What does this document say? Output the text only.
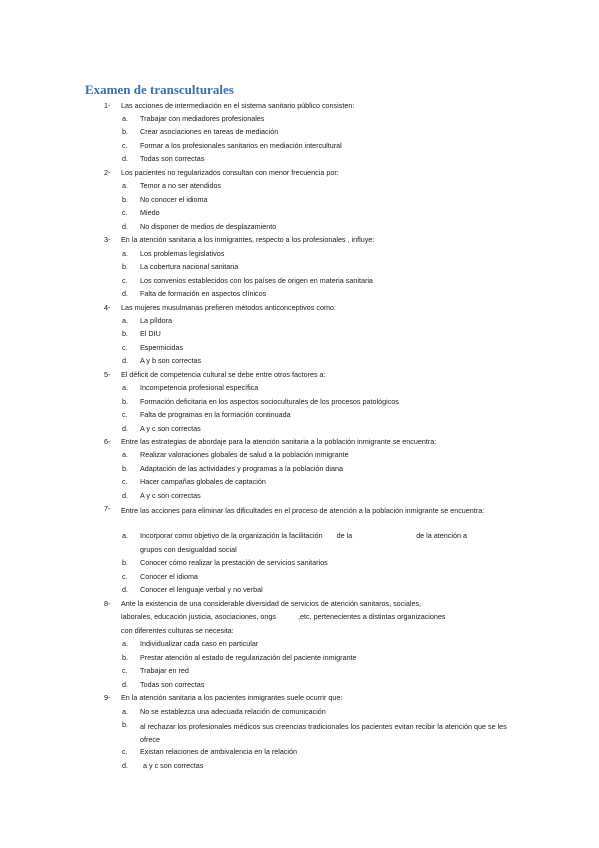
Examen de transculturales
1- Las acciones de intermediación en el sistema sanitario público consisten:
a. Trabajar con mediadores profesionales
b. Crear asociaciones en tareas de mediación
c. Formar a los profesionales sanitarios en mediación intercultural
d. Todas son correctas
2- Los pacientes no regularizados consultan con menor frecuencia por:
a. Temor a no ser atendidos
b. No conocer el idioma
c. Miedo
d. No disponer de medios de desplazamiento
3- En la atención sanitaria a los inmigrantes, respecto a los profesionales , influye:
a. Los problemas legislativos
b. La cobertura nacional sanitaria
c. Los convenios establecidos con los países de origen en materia sanitaria
d. Falta de formación en aspectos clínicos
4- Las mujeres musulmanas prefieren métodos anticonceptivos como:
a. La píldora
b. El DIU
c. Espermicidas
d. A y b son correctas
5- El déficit de competencia cultural se debe entre otros factores a:
a. Incompetencia profesional específica
b. Formación deficitaria en los aspectos socioculturales de los procesos patológicos
c. Falta de programas en la formación continuada
d. A y c son correctas
6- Entre las estrategias de abordaje para la atención sanitaria a la población inmigrante se encuentra:
a. Realizar valoraciones globales de salud a la población inmigrante
b. Adaptación de las actividades y programas a la población diana
c. Hacer campañas globales de captación
d. A y c son correctas
7- Entre las acciones para eliminar las dificultades en el proceso de atención a la población inmigrante se encuentra:
a. Incorporar como objetivo de la organización la facilitación de la	de la atención a
grupos con desigualdad social
b. Conocer cómo realizar la prestación de servicios sanitarios
c. Conocer el idioma
d. Conocer el lenguaje verbal y no verbal
8- Ante la existencia de una considerable diversidad de servicios de atención sanitaros, sociales,
laborales, educación justicia, asociaciones, ongs	,etc, pertenecientes a distintas organizaciones
con diferentes culturas se necesita:
a. Individualizar cada caso en particular
b. Prestar atención al estado de regularización del paciente inmigrante
c. Trabajar en red
d. Todas son correctas
9- En la atención sanitaria a los pacientes inmigrantes suele ocurrir que:
a. No se establezca una adecuada relación de comunicación
b. al rechazar los profesionales médicos sus creencias tradicionales los pacientes evitan recibir la atención que se les ofrece
c. Existan relaciones de ambivalencia en la relación
d. a y c son correctas
